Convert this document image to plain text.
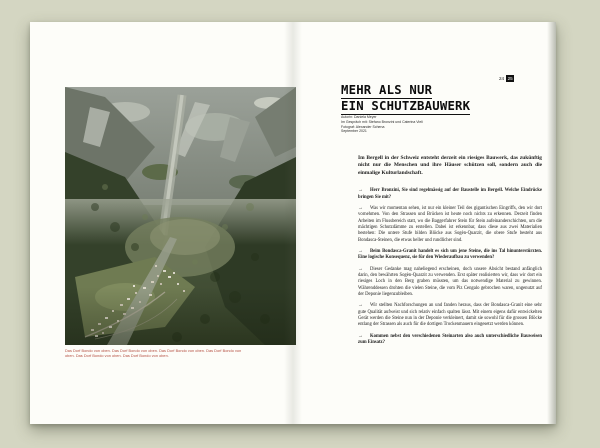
Das Dorf Bondo von oben. Das Dorf Bondo von oben. Das Dorf Bondo von oben. Das Dorf Bondo von oben. Das Dorf Bondo von oben. Das Dorf Bondo von oben.
24 25
MEHR ALS NUR
EIN SCHUTZBAUWERK
Autorin: Daniela Meyer
Im Gespräch mit: Stefano Bronzini und Caterina Vieli
Fotograf: Alexander Schena
September 2021

Im Bergell in der Schweiz entsteht derzeit ein riesiges Bauwerk, das zukünftig nicht nur die Menschen und ihre Häuser schützen soll, sondern auch die einmalige Kulturlandschaft.

→ Herr Bronzini, Sie sind regelmässig auf der Baustelle im Bergell. Welche Eindrücke bringen Sie mit?

→ Was wir momentan sehen, ist nur ein kleiner Teil des gigantischen Eingriffs, den wir dort vornehmen. Von den Strassen und Brücken ist heute noch nichts zu erkennen. Derzeit finden Arbeiten im Flussbereich statt, wo die Baggerfahrer Stein für Stein aufeinanderschichten, um die mächtigen Schutzdämme zu erstellen. Dabei ist erkennbar, dass diese aus zwei Materialien bestehen: Die untere Stufe bilden Blöcke aus Sogèn-Quarzit, die obere Stufe besteht aus Bondasca-Steinen, die etwas heller und rundlicher sind.

→ Beim Bondasca-Granit handelt es sich um jene Steine, die ins Tal hinunterstürzten. Eine logische Konsequenz, sie für den Wiederaufbau zu verwenden?

→ Dieser Gedanke mag naheliegend erscheinen, doch unsere Absicht bestand anfänglich darin, den bewährten Sogèn-Quarzit zu verwenden. Erst später realisierten wir, dass wir dort ein riesiges Loch in den Berg graben müssten, um das notwendige Material zu gewinnen. Währenddessen drohten die vielen Steine, die vom Piz Cengalo gebrochen waren, ungenutzt auf der Deponie liegenzubleiben.

→ Wir stellten Nachforschungen an und fanden heraus, dass der Bondasca-Granit eine sehr gute Qualität aufweist und sich relativ einfach spalten lässt. Mit einem eigens dafür entwickelten Gerät werden die Steine nun in der Deponie verkleinert, damit sie sowohl für die grossen Blöcke entlang der Strassen als auch für die dortigen Trockenmauern eingesetzt werden können.

→ Kommen nebst den verschiedenen Steinarten also auch unterschiedliche Bauweisen zum Einsatz?
